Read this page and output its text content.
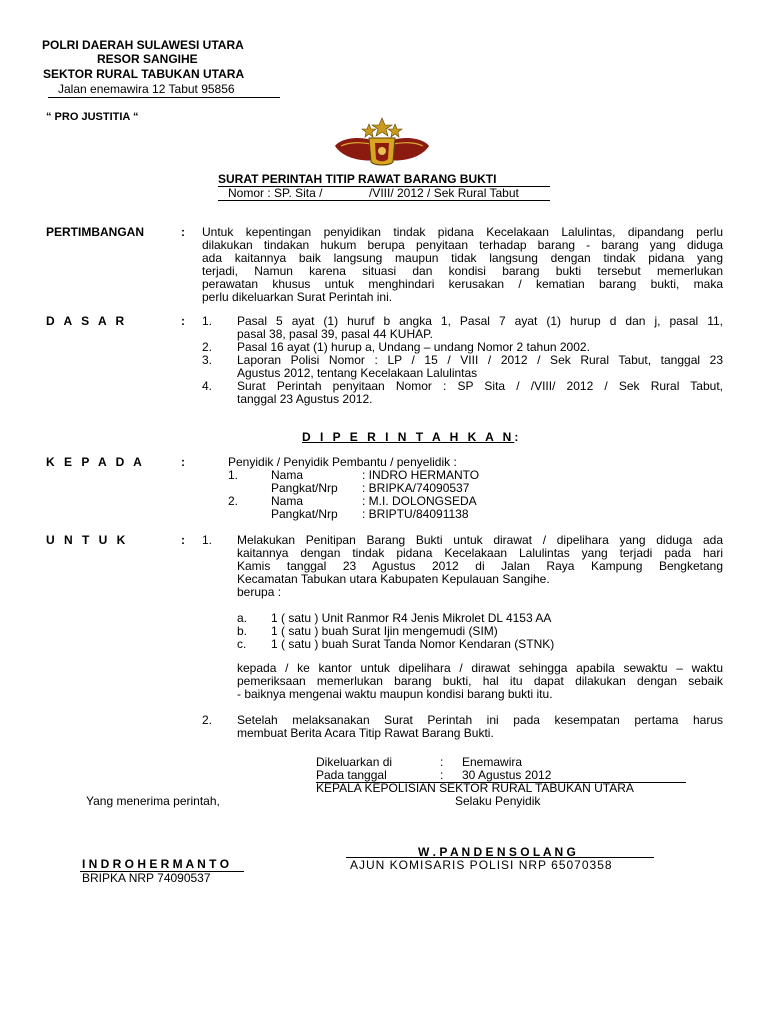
POLRI DAERAH SULAWESI UTARA
RESOR SANGIHE
SEKTOR RURAL TABUKAN UTARA
Jalan enemawira 12 Tabut 95856
“ PRO JUSTITIA “
SURAT PERINTAH TITIP RAWAT BARANG BUKTI
Nomor : SP. Sita /	/VIII/ 2012 / Sek Rural Tabut
PERTIMBANGAN	: Untuk kepentingan penyidikan tindak pidana Kecelakaan Lalulintas, dipandang perlu
dilakukan tindakan hukum berupa penyitaan terhadap barang - barang yang diduga
ada kaitannya baik langsung maupun tidak langsung dengan tindak pidana yang
terjadi, Namun karena situasi dan kondisi barang bukti tersebut memerlukan
perawatan khusus untuk menghindari kerusakan / kematian barang bukti, maka
perlu dikeluarkan Surat Perintah ini.
D A S A R	: 1. Pasal 5 ayat (1) huruf b angka 1, Pasal 7 ayat (1) hurup d dan j, pasal 11,
pasal 38, pasal 39, pasal 44 KUHAP.
2. Pasal 16 ayat (1) hurup a, Undang – undang Nomor 2 tahun 2002.
3. Laporan Polisi Nomor : LP / 15 / VIII / 2012 / Sek Rural Tabut, tanggal 23
Agustus 2012, tentang Kecelakaan Lalulintas
4. Surat Perintah penyitaan Nomor : SP Sita / /VIII/ 2012 / Sek Rural Tabut,
tanggal 23 Agustus 2012.
D I P E R I N T A H K A N:
K E P A D A	:	Penyidik / Penyidik Pembantu / penyelidik :
1.	Nama	: INDRO HERMANTO
Pangkat/Nrp : BRIPKA/74090537
2.	Nama	: M.I. DOLONGSEDA
Pangkat/Nrp : BRIPTU/84091138
U N T U K	: 1. Melakukan Penitipan Barang Bukti untuk dirawat / dipelihara yang diduga ada
kaitannya dengan tindak pidana Kecelakaan Lalulintas yang terjadi pada hari
Kamis tanggal 23 Agustus 2012 di Jalan Raya Kampung Bengketang
Kecamatan Tabukan utara Kabupaten Kepulauan Sangihe.
berupa :
a. 1 ( satu ) Unit Ranmor R4 Jenis Mikrolet DL 4153 AA
b. 1 ( satu ) buah Surat Ijin mengemudi (SIM)
c. 1 ( satu ) buah Surat Tanda Nomor Kendaran (STNK)
kepada / ke kantor untuk dipelihara / dirawat sehingga apabila sewaktu – waktu
pemeriksaan memerlukan barang bukti, hal itu dapat dilakukan dengan sebaik
- baiknya mengenai waktu maupun kondisi barang bukti itu.
2. Setelah melaksanakan Surat Perintah ini pada kesempatan pertama harus
membuat Berita Acara Titip Rawat Barang Bukti.
Dikeluarkan di	: Enemawira
Pada tanggal	: 30 Agustus 2012
KEPALA KEPOLISIAN SEKTOR RURAL TABUKAN UTARA
Selaku Penyidik
Yang menerima perintah,
W . P A N D E N S O L A N G
AJUN KOMISARIS POLISI NRP 65070358
I N D R O H E R M A N T O
BRIPKA NRP 74090537
